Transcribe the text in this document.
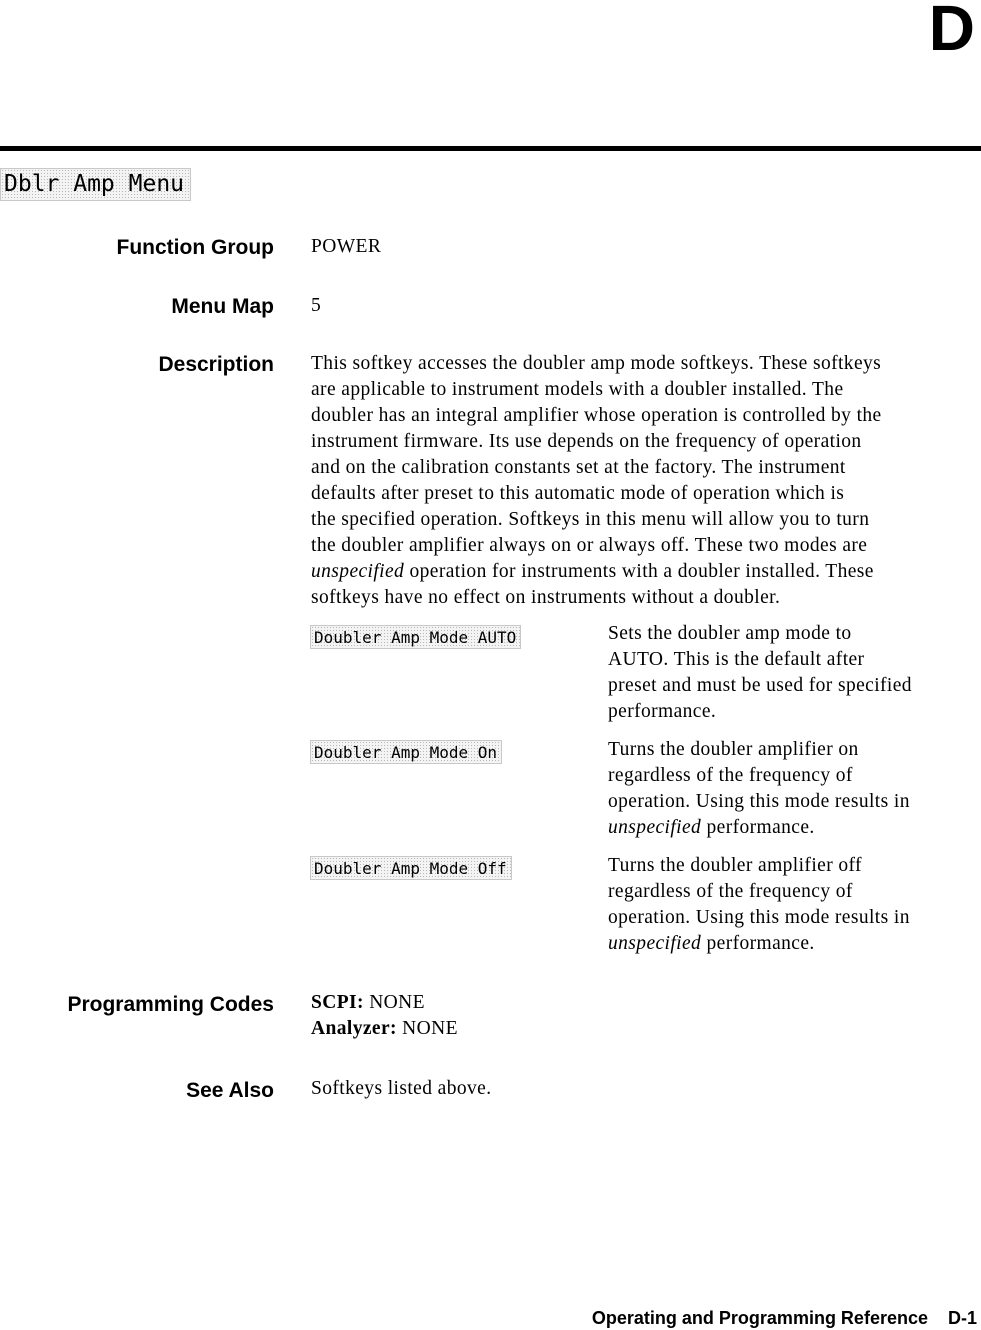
D
Dblr Amp Menu
Function Group POWER
Menu Map 5
Description This softkey accesses the doubler amp mode softkeys. These softkeys

are applicable to instrument models with a doubler installed. The

doubler has an integral amplifier whose operation is controlled by the

instrument firmware. Its use depends on the frequency of operation

and on the calibration constants set at the factory. The instrument

defaults after preset to this automatic mode of operation which is

the specified operation. Softkeys in this menu will allow you to turn

the doubler amplifier always on or always off. These two modes are

unspecified operation for instruments with a doubler installed. These

softkeys have no effect on instruments without a doubler.

Doubler Amp Mode AUTO	Sets the doubler amp mode to

AUTO. This is the default after

preset and must be used for specified

performance.

Doubler Amp Mode On	Turns the doubler amplifier on

regardless of the frequency of

operation. Using this mode results in

unspecified performance.

Doubler Amp Mode Off	Turns the doubler amplifier off

regardless of the frequency of

operation. Using this mode results in

unspecified performance.

Programming Codes SCPI: NONE

Analyzer: NONE

See Also Softkeys listed above.
Operating and Programming Reference D-1
